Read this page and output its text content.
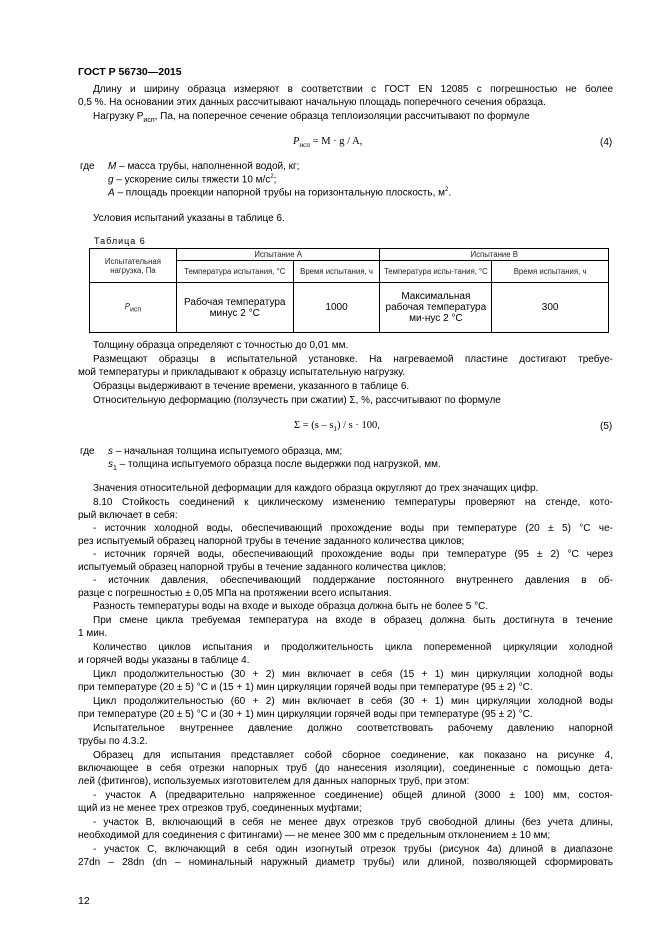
ГОСТ Р 56730—2015
Длину и ширину образца измеряют в соответствии с ГОСТ EN 12085 с погрешностью не более
0,5 %. На основании этих данных рассчитывают начальную площадь поперечного сечения образца.
Нагрузку $P_{исп}$, Па, на поперечное сечение образца теплоизоляции рассчитывают по формуле
$P_{исп} = M \cdot g / A$,	(4)
где M – масса трубы, наполненной водой, кг;
g – ускорение силы тяжести 10 $м/с^2$;
A – площадь проекции напорной трубы на горизонтальную плоскость, $м^2$.
Условия испытаний указаны в таблице 6.
Таблица 6
Испытательная нагрузка, Па	Испытание А		Испытание В	
	Температура испытания, °С	Время испытания, ч	Температура испы-тания, °С	Время испытания, ч
$P_{исп}$	Рабочая температура минус 2 °С	1000	Максимальная рабочая температура ми-нус 2 °С	300
Толщину образца определяют с точностью до 0,01 мм.
Размещают образцы в испытательной установке. На нагреваемой пластине достигают требуе-
мой температуры и прикладывают к образцу испытательную нагрузку.
Образцы выдерживают в течение времени, указанного в таблице 6.
Относительную деформацию (ползучесть при сжатии) Σ, %, рассчитывают по формуле
$\Sigma = (s - s_1) / s \cdot 100$,	(5)
где s – начальная толщина испытуемого образца, мм;
$s_1$ – толщина испытуемого образца после выдержки под нагрузкой, мм.
Значения относительной деформации для каждого образца округляют до трех значащих цифр.
8.10 Стойкость соединений к циклическому изменению температуры проверяют на стенде, кото-
рый включает в себя:
- источник холодной воды, обеспечивающий прохождение воды при температуре (20 ± 5) °С че-
рез испытуемый образец напорной трубы в течение заданного количества циклов;
- источник горячей воды, обеспечивающий прохождение воды при температуре (95 ± 2) °С через
испытуемый образец напорной трубы в течение заданного количества циклов;
- источник давления, обеспечивающий поддержание постоянного внутреннего давления в об-
разце с погрешностью ± 0,05 МПа на протяжении всего испытания.
Разность температуры воды на входе и выходе образца должна быть не более 5 °С.
При смене цикла требуемая температура на входе в образец должна быть достигнута в течение
1 мин.
Количество циклов испытания и продолжительность цикла попеременной циркуляции холодной
и горячей воды указаны в таблице 4.
Цикл продолжительностью (30 + 2) мин включает в себя (15 + 1) мин циркуляции холодной воды
при температуре (20 ± 5) °С и (15 + 1) мин циркуляции горячей воды при температуре (95 ± 2) °С.
Цикл продолжительностью (60 + 2) мин включает в себя (30 + 1) мин циркуляции холодной воды
при температуре (20 ± 5) °С и (30 + 1) мин циркуляции горячей воды при температуре (95 ± 2) °С.
Испытательное внутреннее давление должно соответствовать рабочему давлению напорной
трубы по 4.3.2.
Образец для испытания представляет собой сборное соединение, как показано на рисунке 4,
включающее в себя отрезки напорных труб (до нанесения изоляции), соединенные с помощью дета-
лей (фитингов), используемых изготовителем для данных напорных труб, при этом:
- участок А (предварительно напряженное соединение) общей длиной (3000 ± 100) мм, состоя-
щий из не менее трех отрезков труб, соединенных муфтами;
- участок В, включающий в себя не менее двух отрезков труб свободной длины (без учета длины,
необходимой для соединения с фитингами) — не менее 300 мм с предельным отклонением ± 10 мм;
- участок С, включающий в себя один изогнутый отрезок трубы (рисунок 4а) длиной в диапазоне
27dn – 28dn (dn – номинальный наружный диаметр трубы) или длиной, позволяющей сформировать
12
